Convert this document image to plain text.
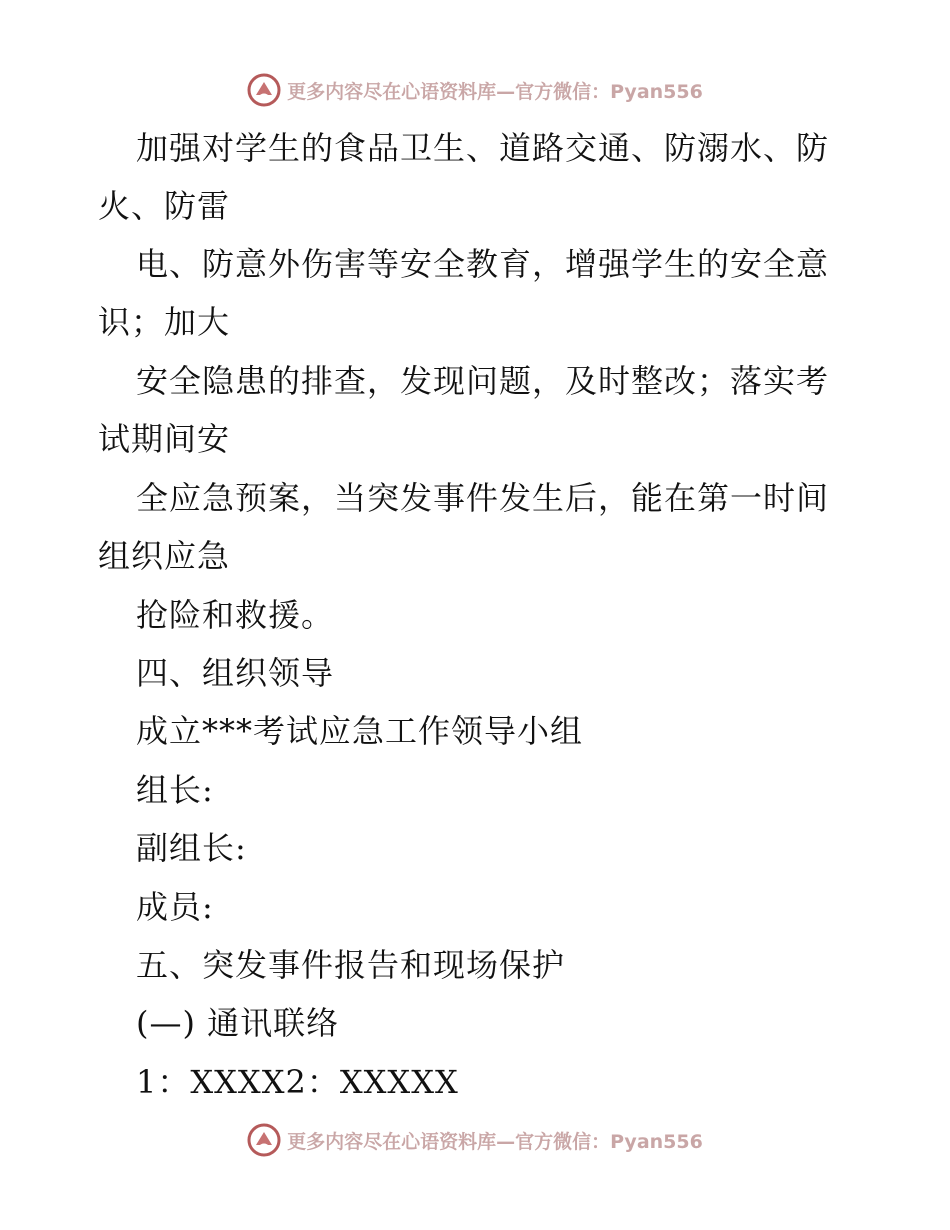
更多内容尽在心语资料库—官方微信：Pyan556
加强对学生的食品卫生、道路交通、防溺水、防
火、防雷
电、防意外伤害等安全教育，增强学生的安全意
识；加大
安全隐患的排查，发现问题，及时整改；落实考
试期间安
全应急预案，当突发事件发生后，能在第一时间
组织应急
抢险和救援。
四、组织领导
成立***考试应急工作领导小组
组长:
副组长:
成员:
五、突发事件报告和现场保护
(—) 通讯联络
1：XXXX2：XXXXX
更多内容尽在心语资料库—官方微信：Pyan556
